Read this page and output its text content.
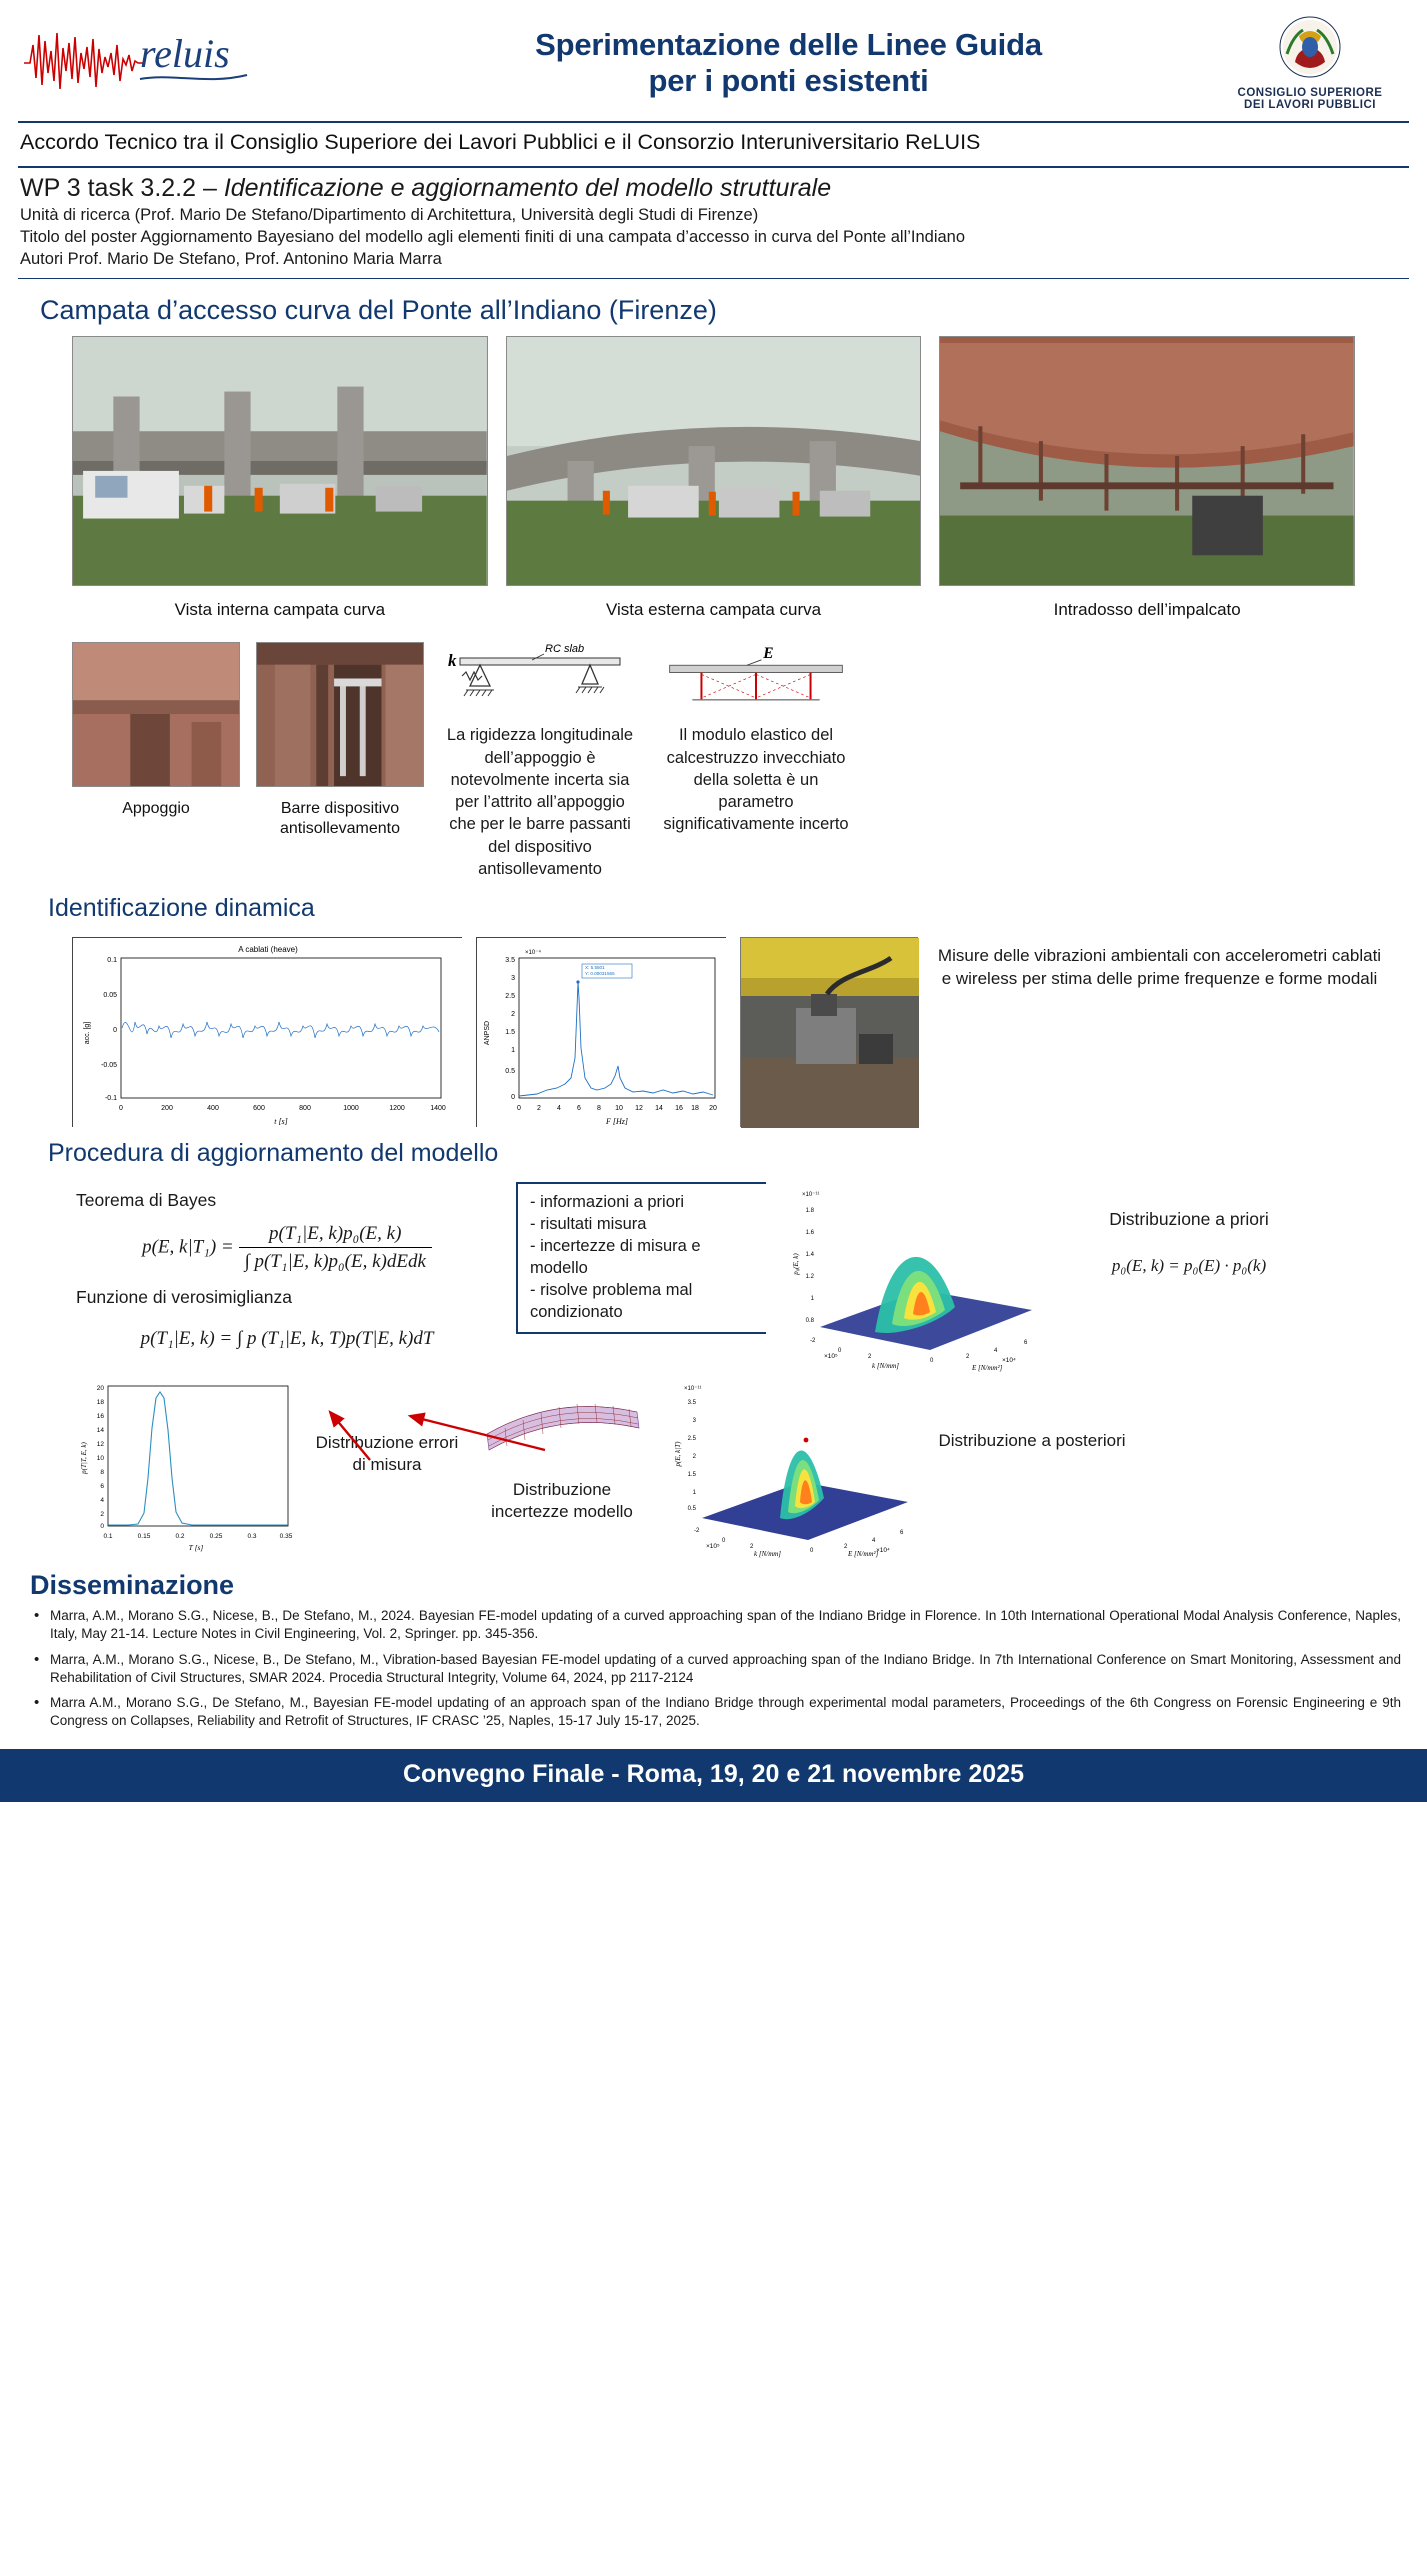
reluis	Sperimentazione delle Linee Guida
per i ponti esistenti	CONSIGLIO SUPERIORE
DEI LAVORI PUBBLICI
Accordo Tecnico tra il Consiglio Superiore dei Lavori Pubblici e il Consorzio Interuniversitario ReLUIS
WP 3 task 3.2.2 – Identificazione e aggiornamento del modello strutturale
Unità di ricerca (Prof. Mario De Stefano/Dipartimento di Architettura, Università degli Studi di Firenze)
Titolo del poster Aggiornamento Bayesiano del modello agli elementi finiti di una campata d’accesso in curva del Ponte all’Indiano
Autori Prof. Mario De Stefano, Prof. Antonino Maria Marra
Campata d’accesso curva del Ponte all’Indiano (Firenze)
Vista interna campata curva	Vista esterna campata curva	Intradosso dell’impalcato
Appoggio	Barre dispositivo antisollevamento
k
RC slab
La rigidezza longitudinale dell’appoggio è notevolmente incerta sia per l’attrito all’appoggio che per le barre passanti del dispositivo antisollevamento
E
Il modulo elastico del calcestruzzo invecchiato della soletta è un parametro significativamente incerto
Identificazione dinamica
A cablati (heave)
0.1
0.05
0
-0.05
-0.1
0	200	400	600	800	1000	1200	1400
acc. [g]
t [s]
×10⁻⁴
3.5
3
2.5
2
1.5
1
0.5
0
0 2 4 6 8 10 12 14 16 18 20
ANPSD
F [Hz]
X: 5.5501
Y: 0.00031565
Misure delle vibrazioni ambientali con accelerometri cablati e wireless per stima delle prime frequenze e forme modali
Procedura di aggiornamento del modello
Teorema di Bayes
p(E, $k|T_1) = \frac{\text{p(T₁|E, k)p₀(E, k)}}{\text{∫ p(T₁|E, k)p₀(E, k)dEdk}}$
Funzione di verosimiglianza
p(T₁|E, k) = ∫ p (T₁|E, k, T)p(T|E, k)dT
- informazioni a priori
- risultati misura
- incertezze di misura e modello
- risolve problema mal condizionato
×10⁻¹¹
1.8
1.6
1.4
1.2
1
0.8
p₀(E, k)
-2
0
2	2
4
6
0
×10⁵
×10⁴
k [N/mm]	E [N/mm²]
Distribuzione a priori
p₀(E, k) = p₀(E) · p₀(k)
20
18
16
14
12
10
8
6
4
2
0
0.1	0.15	0.2	0.25	0.3	0.35
p(T|T, E, k)
T [s]
Distribuzione errori di misura
Distribuzione incertezze modello
×10⁻¹¹
3.5
3
2.5
2
1.5
1
0.5
p(E, k|T)
-2
0
2	2
4
6
0
×10⁵
×10⁴
k [N/mm]	E [N/mm²]
Distribuzione a posteriori
Disseminazione
• Marra, A.M., Morano S.G., Nicese, B., De Stefano, M., 2024. Bayesian FE-model updating of a curved approaching span of the Indiano Bridge in Florence. In 10th International Operational Modal Analysis Conference, Naples, Italy, May 21-14. Lecture Notes in Civil Engineering, Vol. 2, Springer. pp. 345-356.
• Marra, A.M., Morano S.G., Nicese, B., De Stefano, M., Vibration-based Bayesian FE-model updating of a curved approaching span of the Indiano Bridge. In 7th International Conference on Smart Monitoring, Assessment and Rehabilitation of Civil Structures, SMAR 2024. Procedia Structural Integrity, Volume 64, 2024, pp 2117-2124
• Marra A.M., Morano S.G., De Stefano, M., Bayesian FE-model updating of an approach span of the Indiano Bridge through experimental modal parameters, Proceedings of the 6th Congress on Forensic Engineering e 9th Congress on Collapses, Reliability and Retrofit of Structures, IF CRASC ’25, Naples, 15-17 July 15-17, 2025.
Convegno Finale - Roma, 19, 20 e 21 novembre 2025
